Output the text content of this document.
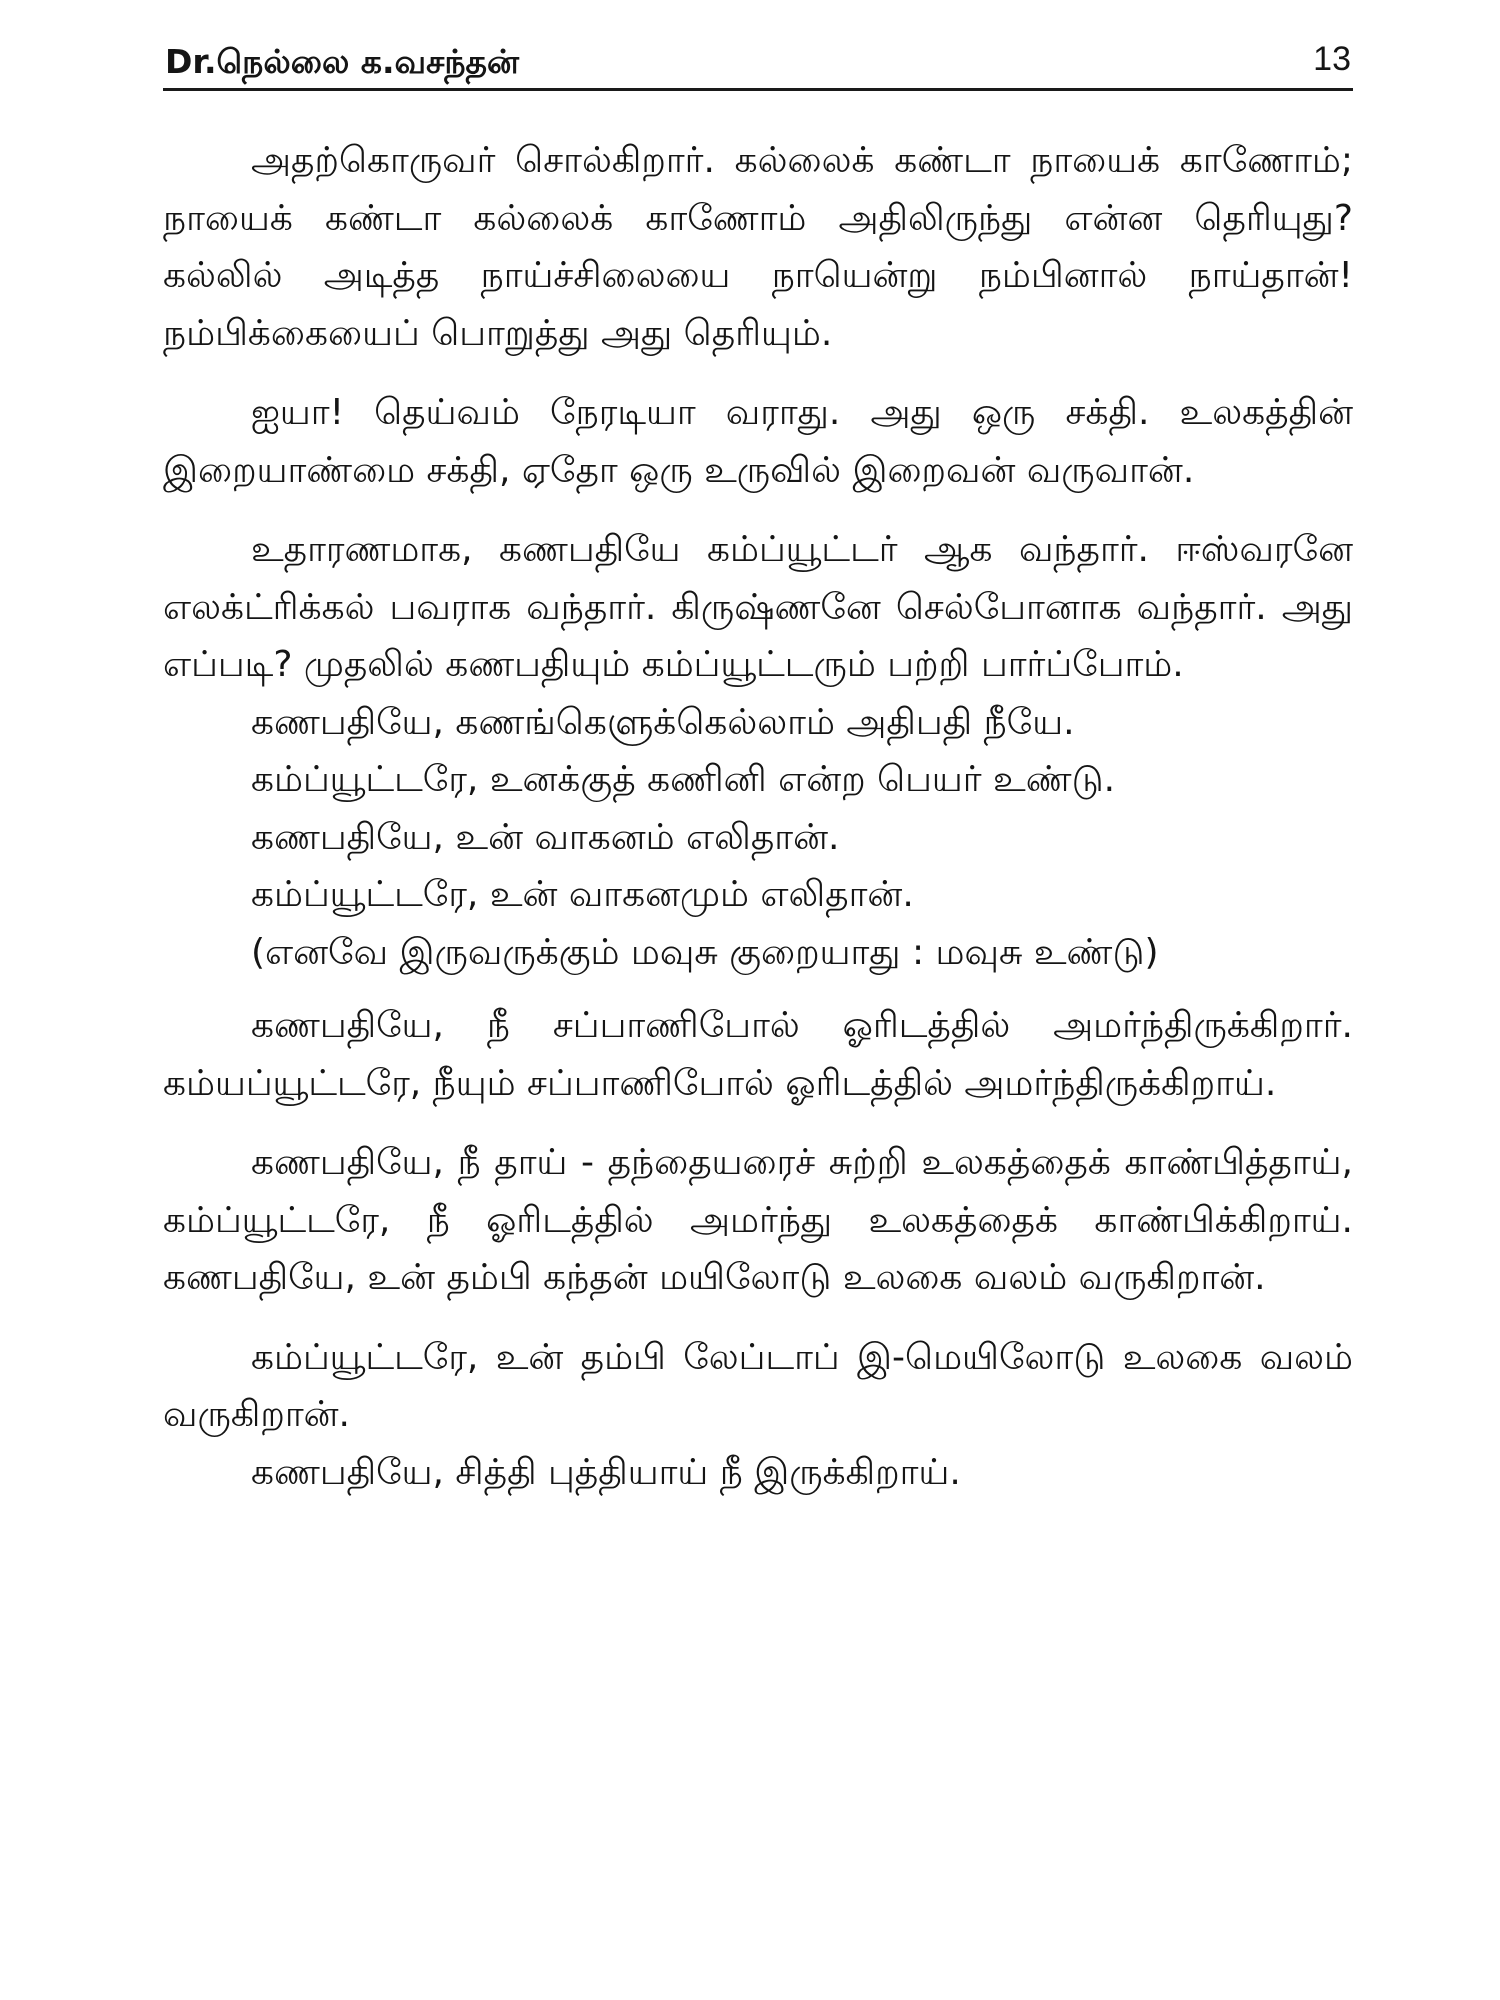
Dr.நெல்லை க.வசந்தன்	13

அதற்கொருவர் சொல்கிறார். கல்லைக் கண்டா நாயைக் காணோம்; நாயைக் கண்டா கல்லைக் காணோம் அதிலிருந்து என்ன தெரியுது? கல்லில் அடித்த நாய்ச்சிலையை நாயென்று நம்பினால் நாய்தான்! நம்பிக்கையைப் பொறுத்து அது தெரியும்.

ஐயா! தெய்வம் நேரடியா வராது. அது ஒரு சக்தி. உலகத்தின் இறையாண்மை சக்தி, ஏதோ ஒரு உருவில் இறைவன் வருவான்.

உதாரணமாக, கணபதியே கம்ப்யூட்டர் ஆக வந்தார். ஈஸ்வரனே எலக்ட்ரிக்கல் பவராக வந்தார். கிருஷ்ணனே செல்போனாக வந்தார். அது எப்படி? முதலில் கணபதியும் கம்ப்யூட்டரும் பற்றி பார்ப்போம்.

கணபதியே, கணங்கெளுக்கெல்லாம் அதிபதி நீயே.

கம்ப்யூட்டரே, உனக்குத் கணினி என்ற பெயர் உண்டு.

கணபதியே, உன் வாகனம் எலிதான்.

கம்ப்யூட்டரே, உன் வாகனமும் எலிதான்.

(எனவே இருவருக்கும் மவுசு குறையாது : மவுசு உண்டு)

கணபதியே, நீ சப்பாணிபோல் ஓரிடத்தில் அமர்ந்திருக்கிறார். கம்யப்யூட்டரே, நீயும் சப்பாணிபோல் ஓரிடத்தில் அமர்ந்திருக்கிறாய்.

கணபதியே, நீ தாய் - தந்தையரைச் சுற்றி உலகத்தைக் காண்பித்தாய், கம்ப்யூட்டரே, நீ ஓரிடத்தில் அமர்ந்து உலகத்தைக் காண்பிக்கிறாய். கணபதியே, உன் தம்பி கந்தன் மயிலோடு உலகை வலம் வருகிறான்.

கம்ப்யூட்டரே, உன் தம்பி லேப்டாப் இ-மெயிலோடு உலகை வலம் வருகிறான்.

கணபதியே, சித்தி புத்தியாய் நீ இருக்கிறாய்.
